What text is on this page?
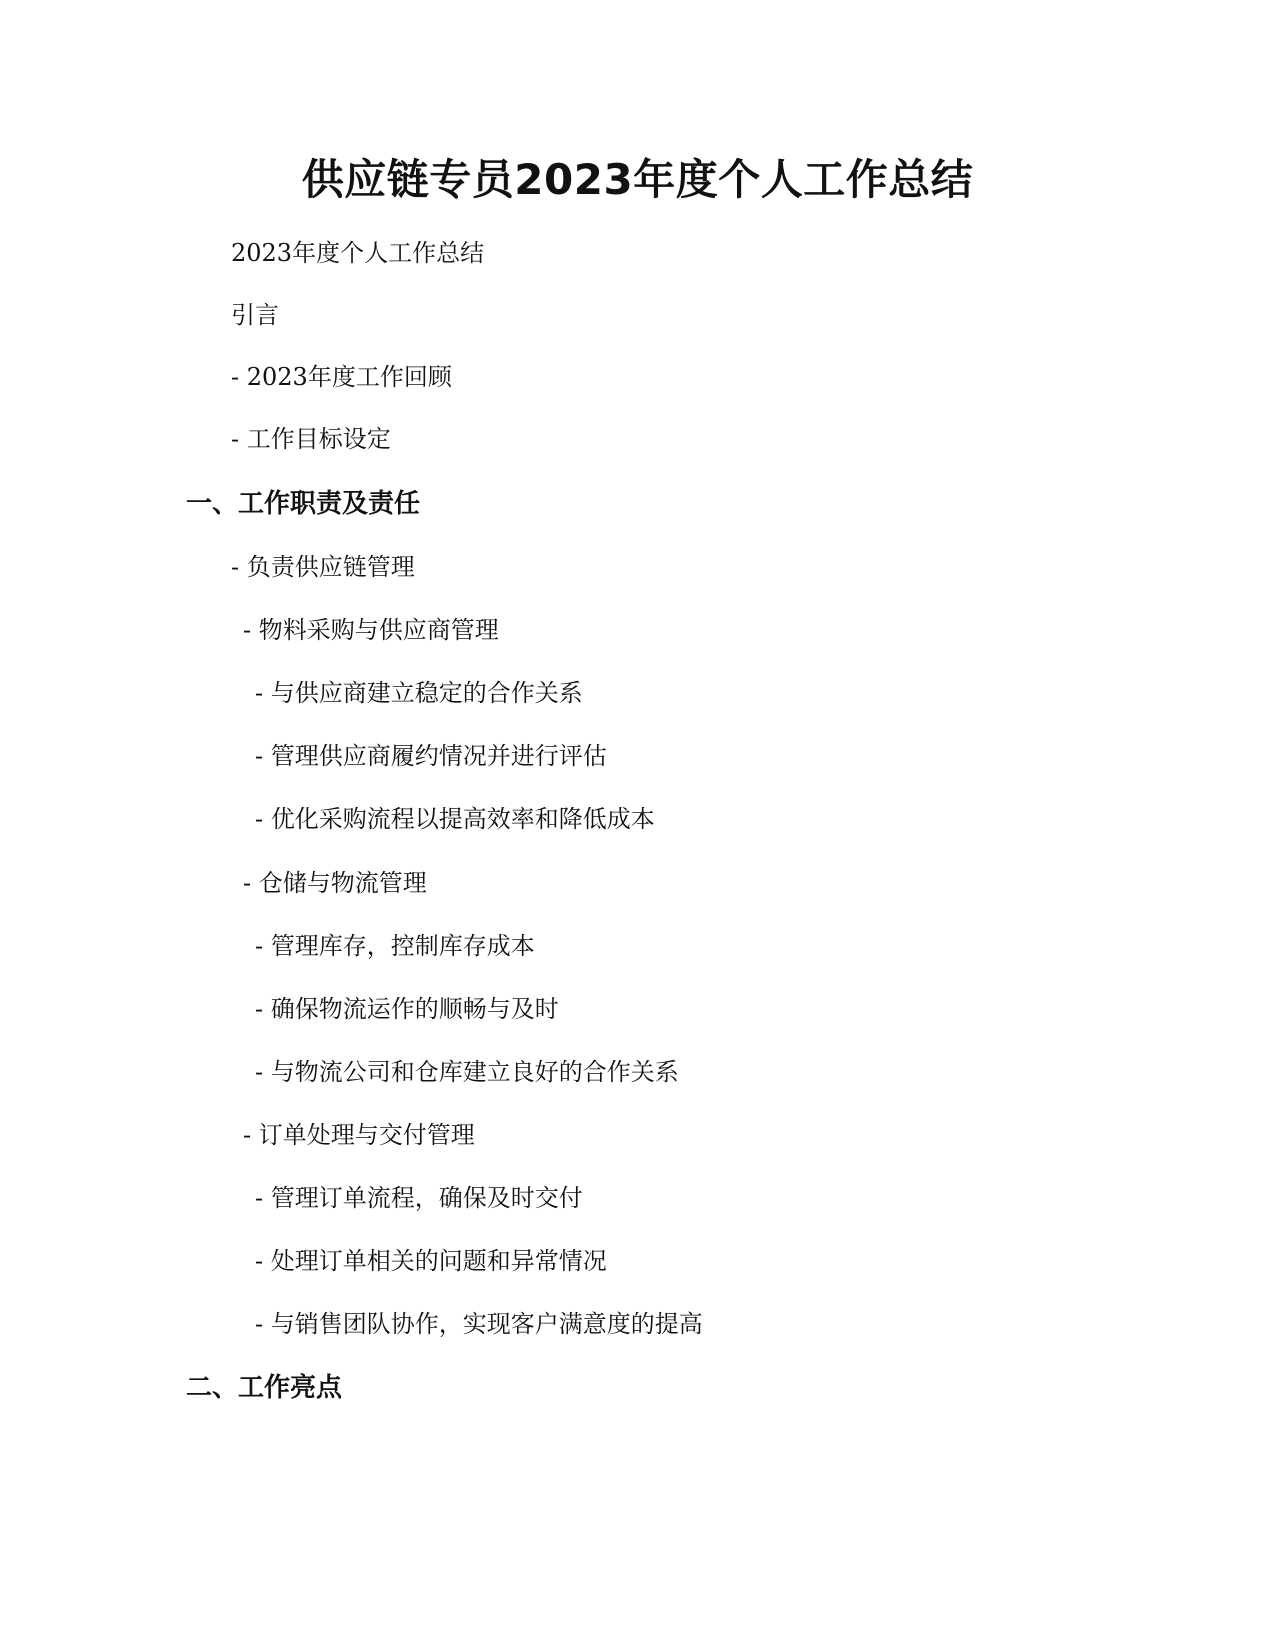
供应链专员2023年度个人工作总结
2023年度个人工作总结
引言
- 2023年度工作回顾
- 工作目标设定
一、工作职责及责任
- 负责供应链管理
- 物料采购与供应商管理
- 与供应商建立稳定的合作关系
- 管理供应商履约情况并进行评估
- 优化采购流程以提高效率和降低成本
- 仓储与物流管理
- 管理库存，控制库存成本
- 确保物流运作的顺畅与及时
- 与物流公司和仓库建立良好的合作关系
- 订单处理与交付管理
- 管理订单流程，确保及时交付
- 处理订单相关的问题和异常情况
- 与销售团队协作，实现客户满意度的提高
二、工作亮点
